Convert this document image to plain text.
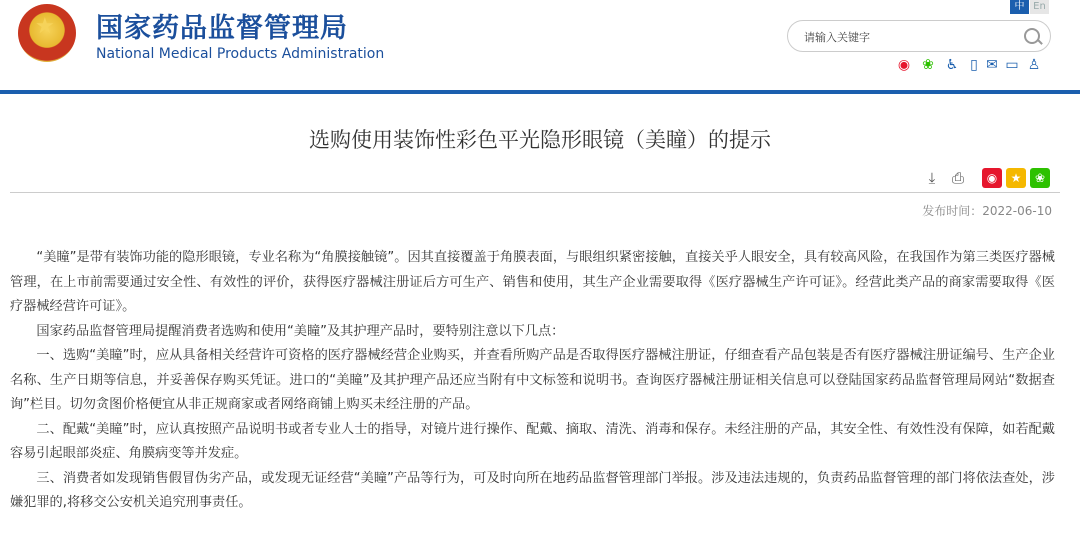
★ 国家药品监督管理局
National Medical Products Administration
中 En
请输入关键字
◉ ❀ ♿ ▯ ✉ ▭ ♙
选购使用装饰性彩色平光隐形眼镜（美瞳）的提示
⤓	⎙	◉	★	❀
发布时间：2022-06-10

“美瞳”是带有装饰功能的隐形眼镜，专业名称为“角膜接触镜”。因其直接覆盖于角膜表面，与眼组织紧密接触，直接关乎人眼安全，具有较高风险，在我国作为第三类医疗器械管理，在上市前需要通过安全性、有效性的评价，获得医疗器械注册证后方可生产、销售和使用，其生产企业需要取得《医疗器械生产许可证》。经营此类产品的商家需要取得《医疗器械经营许可证》。

国家药品监督管理局提醒消费者选购和使用“美瞳”及其护理产品时，要特别注意以下几点：

一、选购“美瞳”时，应从具备相关经营许可资格的医疗器械经营企业购买，并查看所购产品是否取得医疗器械注册证，仔细查看产品包装是否有医疗器械注册证编号、生产企业名称、生产日期等信息，并妥善保存购买凭证。进口的“美瞳”及其护理产品还应当附有中文标签和说明书。查询医疗器械注册证相关信息可以登陆国家药品监督管理局网站“数据查询”栏目。切勿贪图价格便宜从非正规商家或者网络商铺上购买未经注册的产品。

二、配戴“美瞳”时，应认真按照产品说明书或者专业人士的指导，对镜片进行操作、配戴、摘取、清洗、消毒和保存。未经注册的产品，其安全性、有效性没有保障，如若配戴容易引起眼部炎症、角膜病变等并发症。

三、消费者如发现销售假冒伪劣产品，或发现无证经营“美瞳”产品等行为，可及时向所在地药品监督管理部门举报。涉及违法违规的，负责药品监督管理的部门将依法查处，涉嫌犯罪的,将移交公安机关追究刑事责任。
